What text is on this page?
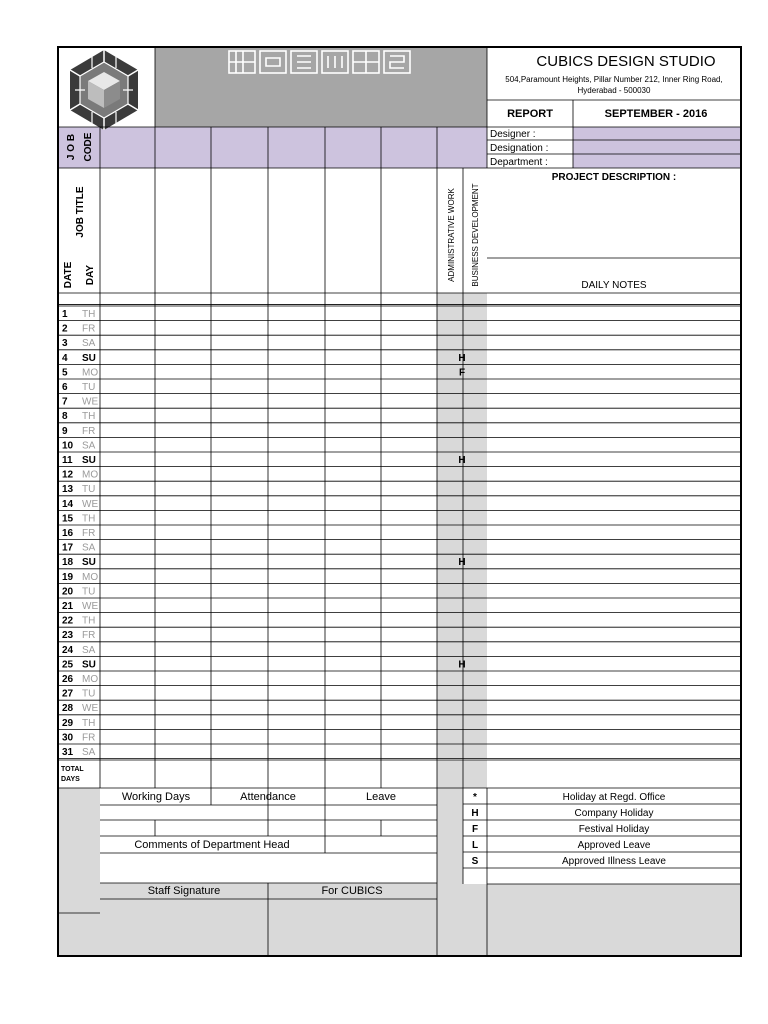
CUBICS DESIGN STUDIO
504,Paramount Heights, Pillar Number 212, Inner Ring Road,
Hyderabad - 500030
REPORT	SEPTEMBER - 2016
Designer :
Designation :
Department :
J O B CODE
JOB TITLE
DATE DAY	ADMINISTRATIVE WORK BUSINESS DEVELOPMENT
PROJECT DESCRIPTION :
DAILY NOTES
1 TH
2 FR
3 SA
4 SU	H
5 MO	F
6 TU
7 WE
8 TH
9 FR
10 SA
11 SU	H
12 MO
13 TU
14 WE
15 TH
16 FR
17 SA
18 SU	H
19 MO
20 TU
21 WE
22 TH
23 FR
24 SA
25 SU	H
26 MO
27 TU
28 WE
29 TH
30 FR
31 SA
TOTAL
DAYS
Working Days	Attendance	Leave
Comments of Department Head
Staff Signature	For CUBICS
*	Holiday at Regd. Office
H	Company Holiday
F	Festival Holiday
L	Approved Leave
S	Approved Illness Leave
